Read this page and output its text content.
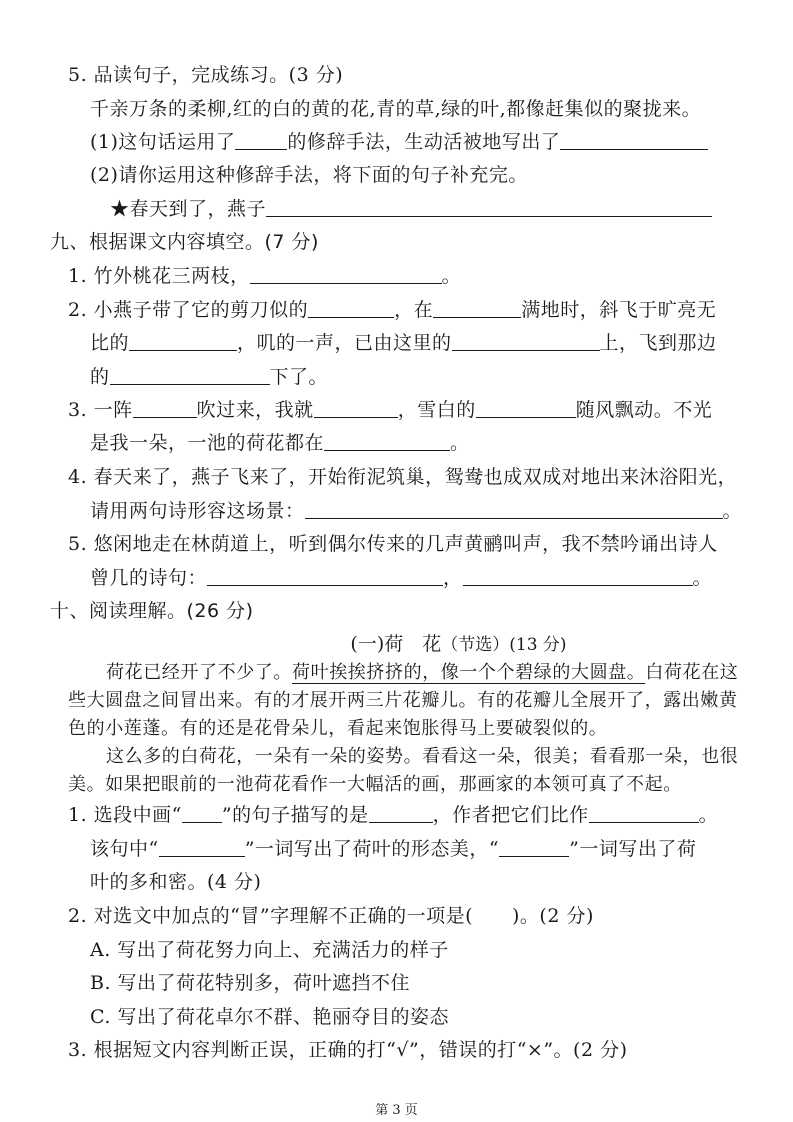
5. 品读句子，完成练习。(3 分)
千亲万条的柔柳,红的白的黄的花,青的草,绿的叶,都像赶集似的聚拢来。
(1)这句话运用了	的修辞手法，生动活被地写出了
(2)请你运用这种修辞手法，将下面的句子补充完。
★春天到了，燕子
九、根据课文内容填空。(7 分)
1. 竹外桃花三两枝，	。
2. 小燕子带了它的剪刀似的	，在	满地时，斜飞于旷亮无
比的	，叽的一声，已由这里的	上，飞到那边
的	下了。
3. 一阵	吹过来，我就	，雪白的	随风飘动。不光
是我一朵，一池的荷花都在	。
4. 春天来了，燕子飞来了，开始衔泥筑巢，鸳鸯也成双成对地出来沐浴阳光，
请用两句诗形容这场景：	。
5. 悠闲地走在林荫道上，听到偶尔传来的几声黄鹂叫声，我不禁吟诵出诗人
曾几的诗句：	，	。
十、阅读理解。(26 分)
(一)荷　花（节选）(13 分)
荷花已经开了不少了。荷叶挨挨挤挤的，像一个个碧绿的大圆盘。白荷花在这
些大圆盘之间冒出来。有的才展开两三片花瓣儿。有的花瓣儿全展开了，露出嫩黄
色的小莲蓬。有的还是花骨朵儿，看起来饱胀得马上要破裂似的。
这么多的白荷花，一朵有一朵的姿势。看看这一朵，很美；看看那一朵，也很
美。如果把眼前的一池荷花看作一大幅活的画，那画家的本领可真了不起。
1. 选段中画“ ”的句子描写的是	，作者把它们比作	。
该句中“	”一词写出了荷叶的形态美，“	”一词写出了荷
叶的多和密。(4 分)
2. 对选文中加点的“冒”字理解不正确的一项是(　　)。(2 分)
A. 写出了荷花努力向上、充满活力的样子
B. 写出了荷花特别多，荷叶遮挡不住
C. 写出了荷花卓尔不群、艳丽夺目的姿态
3. 根据短文内容判断正误，正确的打“√”，错误的打“×”。(2 分)
第 3 页
